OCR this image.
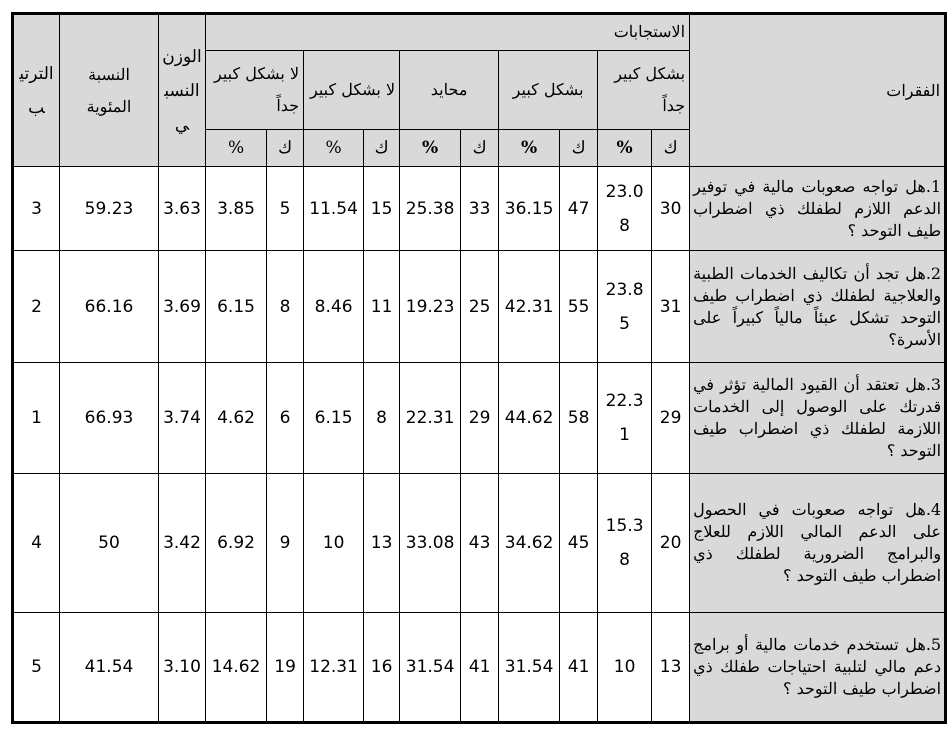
الفقرات	الاستجابات										الوزن النسبي	النسبة المئوية	الترتيب
	بشكل كبير جداً		بشكل كبير		محايد		لا بشكل كبير		لا بشكل كبير جداً				
	ك	%	ك	%	ك	%	ك	%	ك	%			
1.هل تواجه صعوبات مالية في توفير الدعم اللازم لطفلك ذي اضطراب طيف التوحد ؟	30	23.08	47	36.15	33	25.38	15	11.54	5	3.85	3.63	59.23	3
2.هل تجد أن تكاليف الخدمات الطبية والعلاجية لطفلك ذي اضطراب طيف التوحد تشكل عبئاً مالياً كبيراً على الأسرة؟	31	23.85	55	42.31	25	19.23	11	8.46	8	6.15	3.69	66.16	2
3.هل تعتقد أن القيود المالية تؤثر في قدرتك على الوصول إلى الخدمات اللازمة لطفلك ذي اضطراب طيف التوحد ؟	29	22.31	58	44.62	29	22.31	8	6.15	6	4.62	3.74	66.93	1
4.هل تواجه صعوبات في الحصول على الدعم المالي اللازم للعلاج والبرامج الضرورية لطفلك ذي اضطراب طيف التوحد ؟	20	15.38	45	34.62	43	33.08	13	10	9	6.92	3.42	50	4
5.هل تستخدم خدمات مالية أو برامج دعم مالي لتلبية احتياجات طفلك ذي اضطراب طيف التوحد ؟	13	10	41	31.54	41	31.54	16	12.31	19	14.62	3.10	41.54	5
